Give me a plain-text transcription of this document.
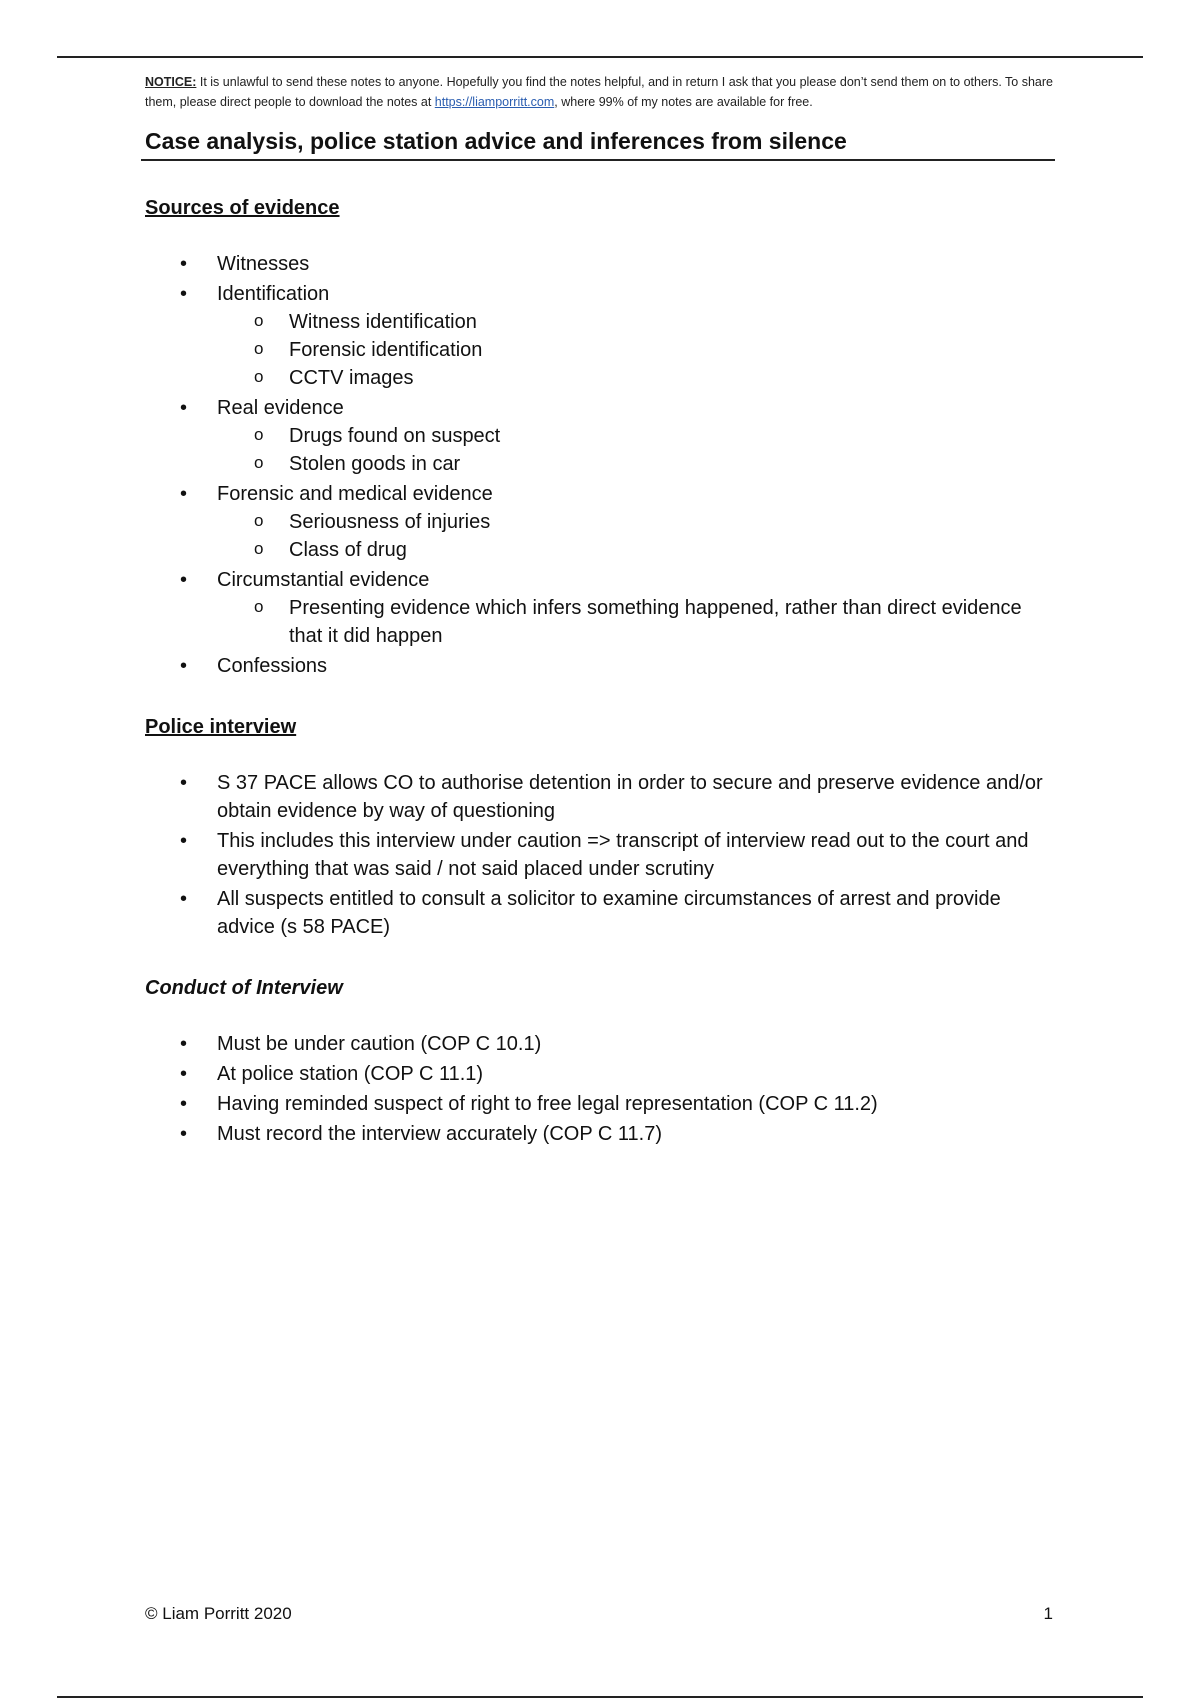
NOTICE: It is unlawful to send these notes to anyone. Hopefully you find the notes helpful, and in return I ask that you please don’t send them on to others. To share them, please direct people to download the notes at https://liamporritt.com, where 99% of my notes are available for free.

Case analysis, police station advice and inferences from silence
Sources of evidence
• Witnesses
• Identification
o Witness identification
o Forensic identification
o CCTV images
• Real evidence
o Drugs found on suspect
o Stolen goods in car
• Forensic and medical evidence
o Seriousness of injuries
o Class of drug
• Circumstantial evidence
o Presenting evidence which infers something happened, rather than direct evidence that it did happen
• Confessions
Police interview
• S 37 PACE allows CO to authorise detention in order to secure and preserve evidence and/or obtain evidence by way of questioning
• This includes this interview under caution => transcript of interview read out to the court and everything that was said / not said placed under scrutiny
• All suspects entitled to consult a solicitor to examine circumstances of arrest and provide advice (s 58 PACE)
Conduct of Interview
• Must be under caution (COP C 10.1)
• At police station (COP C 11.1)
• Having reminded suspect of right to free legal representation (COP C 11.2)
• Must record the interview accurately (COP C 11.7)
© Liam Porritt 2020	1
